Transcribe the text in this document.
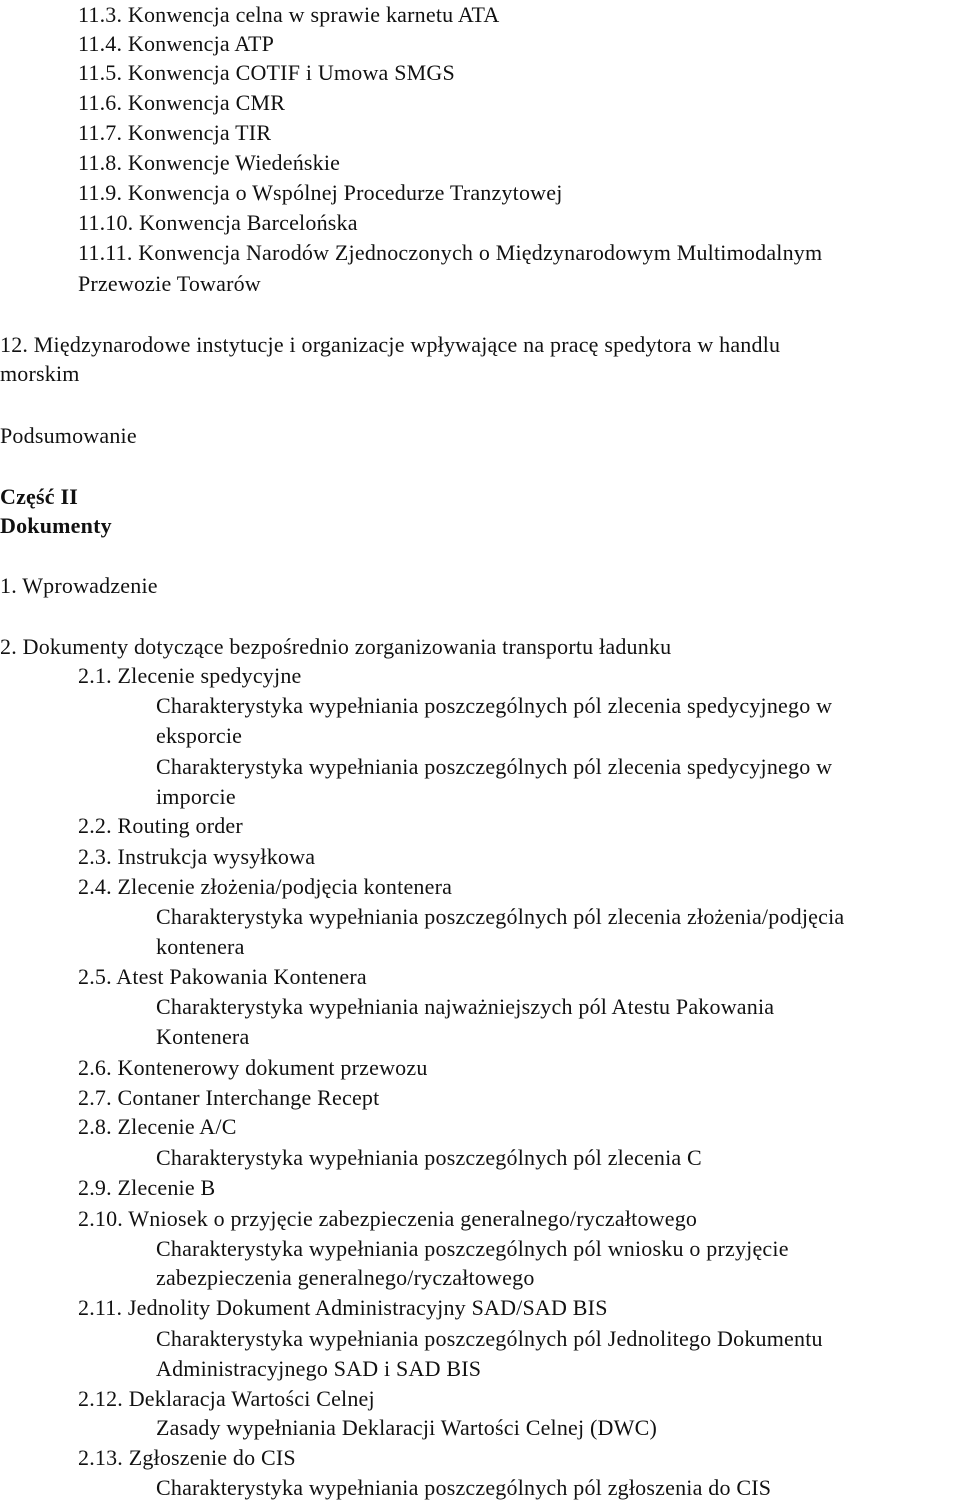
11.3. Konwencja celna w sprawie karnetu ATA
11.4. Konwencja ATP
11.5. Konwencja COTIF i Umowa SMGS
11.6. Konwencja CMR
11.7. Konwencja TIR
11.8. Konwencje Wiedeńskie
11.9. Konwencja o Wspólnej Procedurze Tranzytowej
11.10. Konwencja Barcelońska
11.11. Konwencja Narodów Zjednoczonych o Międzynarodowym Multimodalnym
Przewozie Towarów
12. Międzynarodowe instytucje i organizacje wpływające na pracę spedytora w handlu
morskim
Podsumowanie
Część II
Dokumenty
1. Wprowadzenie
2. Dokumenty dotyczące bezpośrednio zorganizowania transportu ładunku
2.1. Zlecenie spedycyjne
Charakterystyka wypełniania poszczególnych pól zlecenia spedycyjnego w
eksporcie
Charakterystyka wypełniania poszczególnych pól zlecenia spedycyjnego w
imporcie
2.2. Routing order
2.3. Instrukcja wysyłkowa
2.4. Zlecenie złożenia/podjęcia kontenera
Charakterystyka wypełniania poszczególnych pól zlecenia złożenia/podjęcia
kontenera
2.5. Atest Pakowania Kontenera
Charakterystyka wypełniania najważniejszych pól Atestu Pakowania
Kontenera
2.6. Kontenerowy dokument przewozu
2.7. Contaner Interchange Recept
2.8. Zlecenie A/C
Charakterystyka wypełniania poszczególnych pól zlecenia C
2.9. Zlecenie B
2.10. Wniosek o przyjęcie zabezpieczenia generalnego/ryczałtowego
Charakterystyka wypełniania poszczególnych pól wniosku o przyjęcie
zabezpieczenia generalnego/ryczałtowego
2.11. Jednolity Dokument Administracyjny SAD/SAD BIS
Charakterystyka wypełniania poszczególnych pól Jednolitego Dokumentu
Administracyjnego SAD i SAD BIS
2.12. Deklaracja Wartości Celnej
Zasady wypełniania Deklaracji Wartości Celnej (DWC)
2.13. Zgłoszenie do CIS
Charakterystyka wypełniania poszczególnych pól zgłoszenia do CIS
